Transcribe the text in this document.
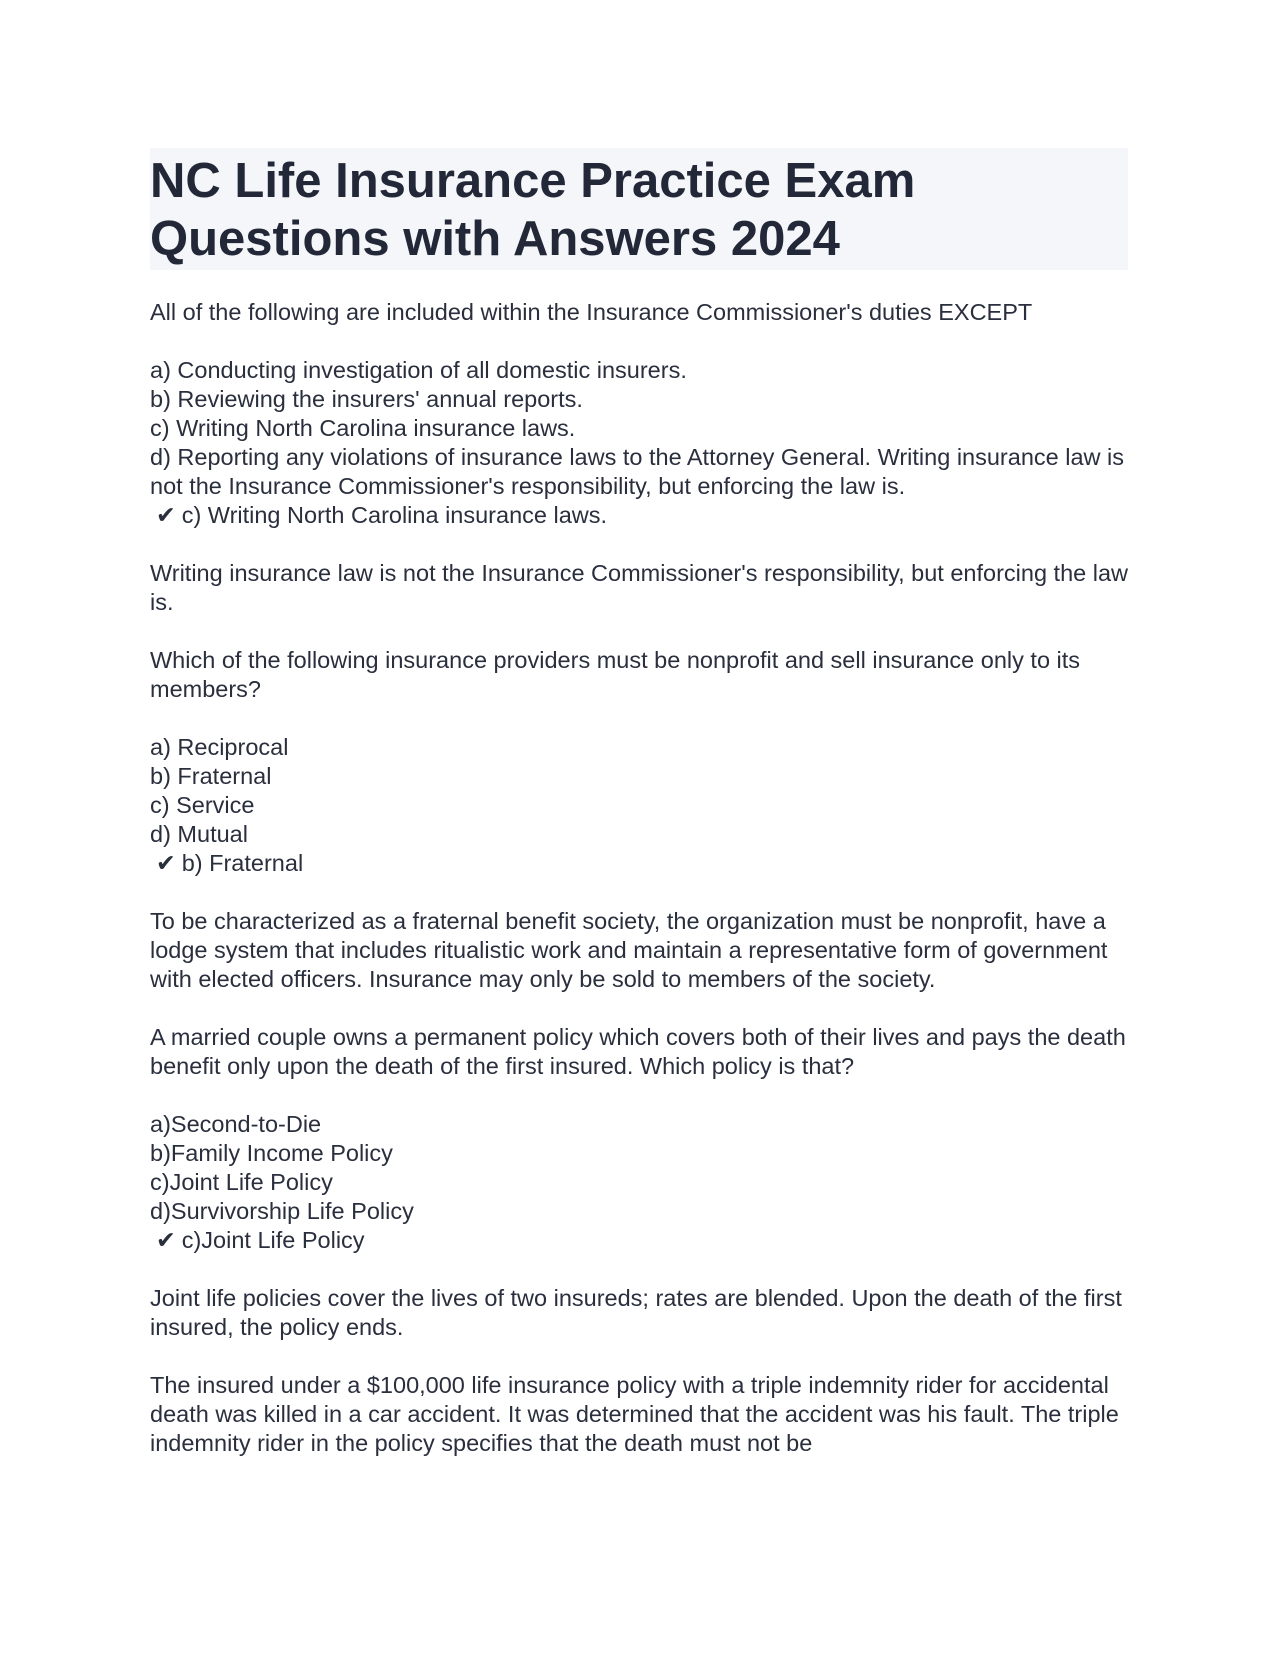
NC Life Insurance Practice Exam Questions with Answers 2024

All of the following are included within the Insurance Commissioner's duties EXCEPT

a) Conducting investigation of all domestic insurers.
b) Reviewing the insurers' annual reports.
c) Writing North Carolina insurance laws.
d) Reporting any violations of insurance laws to the Attorney General. Writing insurance law is not the Insurance Commissioner's responsibility, but enforcing the law is.
✔ c) Writing North Carolina insurance laws.

Writing insurance law is not the Insurance Commissioner's responsibility, but enforcing the law is.

Which of the following insurance providers must be nonprofit and sell insurance only to its members?

a) Reciprocal
b) Fraternal
c) Service
d) Mutual
✔ b) Fraternal

To be characterized as a fraternal benefit society, the organization must be nonprofit, have a lodge system that includes ritualistic work and maintain a representative form of government with elected officers. Insurance may only be sold to members of the society.

A married couple owns a permanent policy which covers both of their lives and pays the death benefit only upon the death of the first insured. Which policy is that?

a)Second-to-Die
b)Family Income Policy
c)Joint Life Policy
d)Survivorship Life Policy
✔ c)Joint Life Policy

Joint life policies cover the lives of two insureds; rates are blended. Upon the death of the first insured, the policy ends.

The insured under a $100,000 life insurance policy with a triple indemnity rider for accidental death was killed in a car accident. It was determined that the accident was his fault. The triple indemnity rider in the policy specifies that the death must not be
